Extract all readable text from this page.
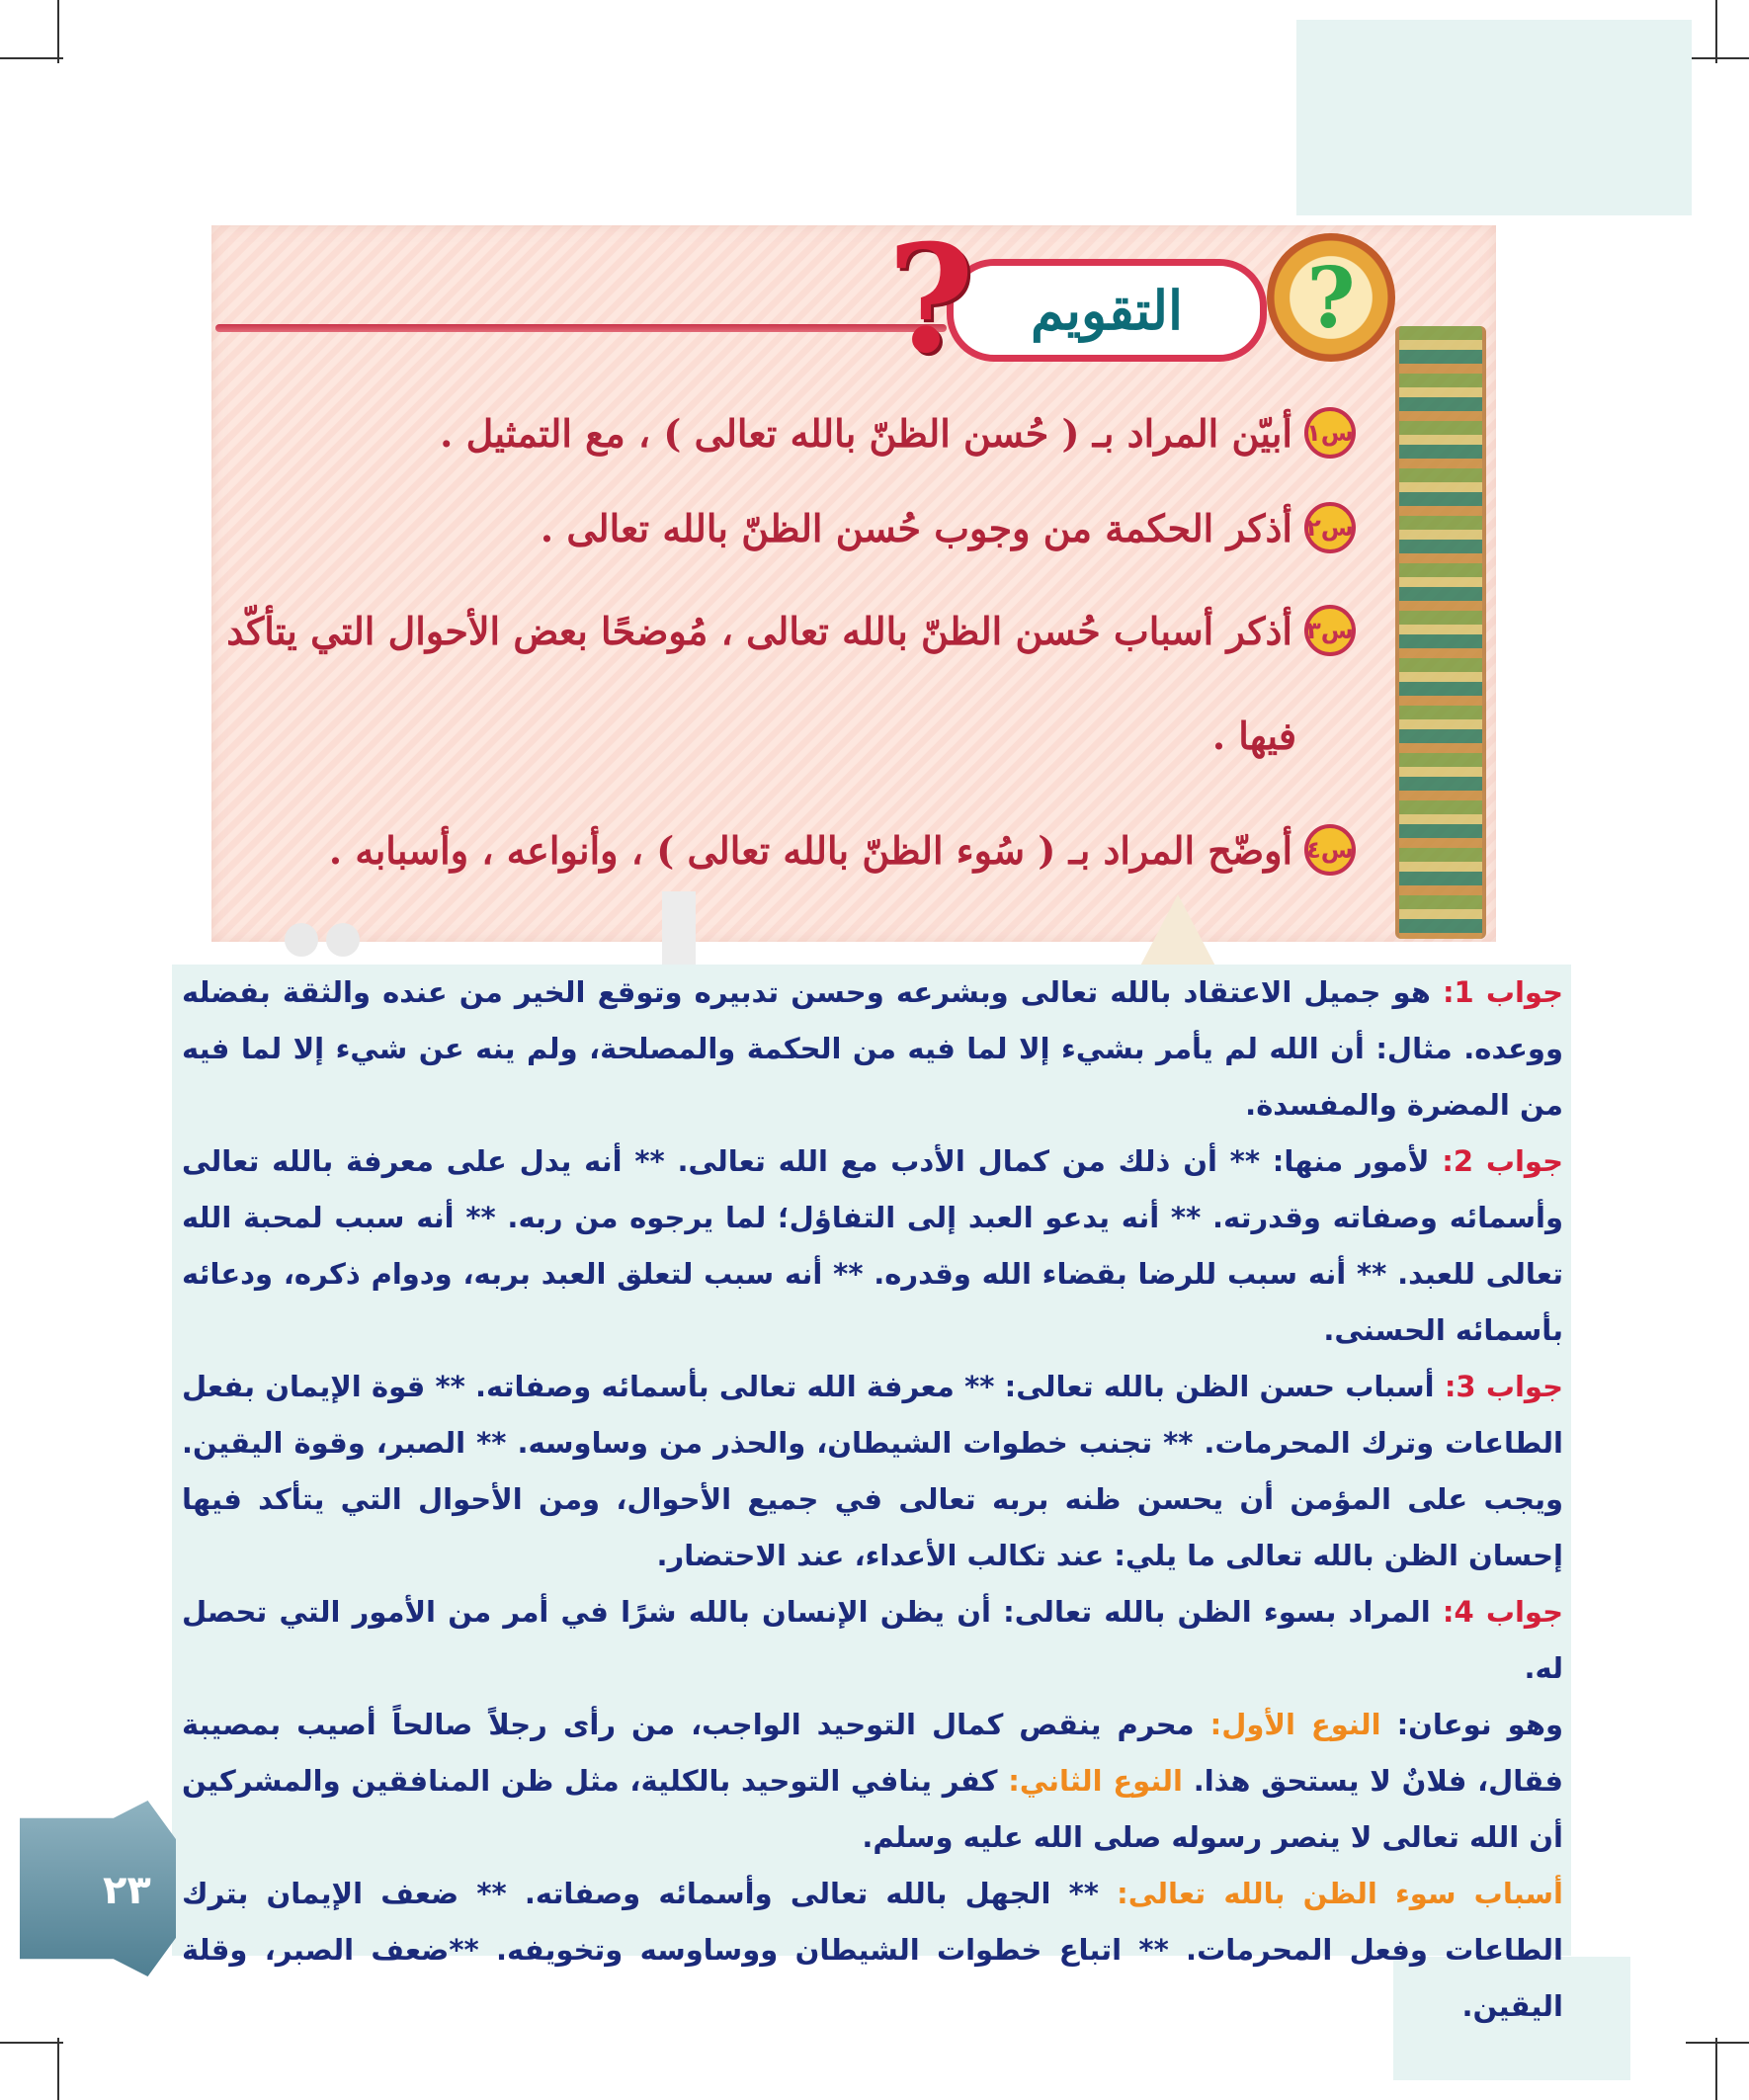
التقويم
?	?
س١
أبيّن المراد بـ ( حُسن الظنّ بالله تعالى ) ، مع التمثيل .
س٢
أذكر الحكمة من وجوب حُسن الظنّ بالله تعالى .
س٣
أذكر أسباب حُسن الظنّ بالله تعالى ، مُوضحًا بعض الأحوال التي يتأكّد
فيها .
س٤
أوضّح المراد بـ ( سُوء الظنّ بالله تعالى ) ، وأنواعه ، وأسبابه .

جواب 1: هو جميل الاعتقاد بالله تعالى وبشرعه وحسن تدبيره وتوقع الخير من عنده والثقة بفضله ووعده. مثال: أن الله لم يأمر بشيء إلا لما فيه من الحكمة والمصلحة، ولم ينه عن شيء إلا لما فيه من المضرة والمفسدة.

جواب 2: لأمور منها: ** أن ذلك من كمال الأدب مع الله تعالى. ** أنه يدل على معرفة بالله تعالى وأسمائه وصفاته وقدرته. ** أنه يدعو العبد إلى التفاؤل؛ لما يرجوه من ربه. ** أنه سبب لمحبة الله تعالى للعبد. ** أنه سبب للرضا بقضاء الله وقدره. ** أنه سبب لتعلق العبد بربه، ودوام ذكره، ودعائه بأسمائه الحسنى.

جواب 3: أسباب حسن الظن بالله تعالى: ** معرفة الله تعالى بأسمائه وصفاته. ** قوة الإيمان بفعل الطاعات وترك المحرمات. ** تجنب خطوات الشيطان، والحذر من وساوسه. ** الصبر، وقوة اليقين. ويجب على المؤمن أن يحسن ظنه بربه تعالى في جميع الأحوال، ومن الأحوال التي يتأكد فيها إحسان الظن بالله تعالى ما يلي: عند تكالب الأعداء، عند الاحتضار.

جواب 4: المراد بسوء الظن بالله تعالى: أن يظن الإنسان بالله شرًا في أمر من الأمور التي تحصل له.

وهو نوعان: النوع الأول: محرم ينقص كمال التوحيد الواجب، من رأى رجلاً صالحاً أصيب بمصيبة فقال، فلانٌ لا يستحق هذا. النوع الثاني: كفر ينافي التوحيد بالكلية، مثل ظن المنافقين والمشركين أن الله تعالى لا ينصر رسوله صلى الله عليه وسلم.

أسباب سوء الظن بالله تعالى: ** الجهل بالله تعالى وأسمائه وصفاته. ** ضعف الإيمان بترك الطاعات وفعل المحرمات. ** اتباع خطوات الشيطان ووساوسه وتخويفه. **ضعف الصبر، وقلة اليقين.

٢٣
